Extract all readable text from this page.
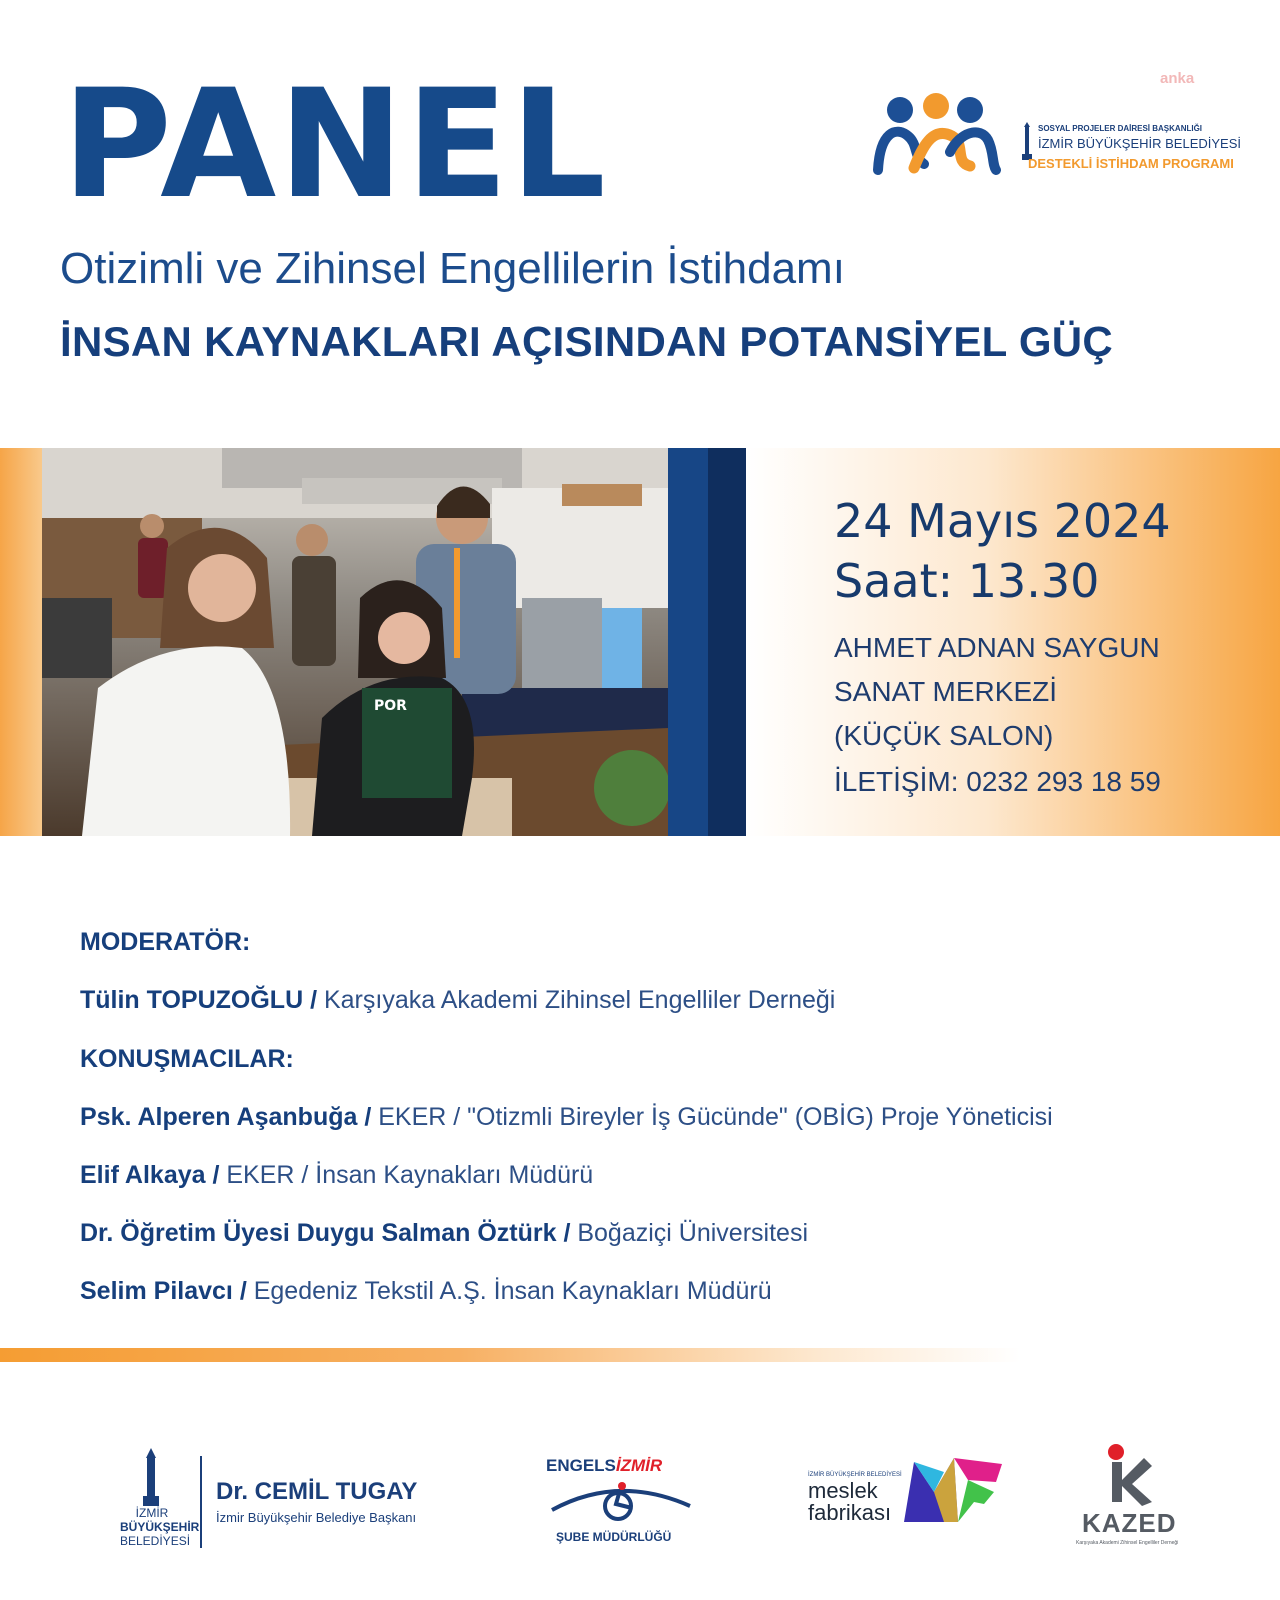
PANEL	anka
SOSYAL PROJELER DAİRESİ BAŞKANLIĞI
İZMİR BÜYÜKŞEHİR BELEDİYESİ
DESTEKLİ İSTİHDAM PROGRAMI
Otizimli ve Zihinsel Engellilerin İstihdamı
İNSAN KAYNAKLARI AÇISINDAN POTANSİYEL GÜÇ
POR
24 Mayıs 2024
Saat: 13.30
AHMET ADNAN SAYGUN
SANAT MERKEZİ
(KÜÇÜK SALON)
İLETİŞİM: 0232 293 18 59
MODERATÖR:
Tülin TOPUZOĞLU / Karşıyaka Akademi Zihinsel Engelliler Derneği
KONUŞMACILAR:
Psk. Alperen Aşanbuğa / EKER / "Otizmli Bireyler İş Gücünde" (OBİG) Proje Yöneticisi
Elif Alkaya / EKER / İnsan Kaynakları Müdürü
Dr. Öğretim Üyesi Duygu Salman Öztürk / Boğaziçi Üniversitesi
Selim Pilavcı / Egedeniz Tekstil A.Ş. İnsan Kaynakları Müdürü
İZMİR
BÜYÜKŞEHİR
BELEDİYESİ
Dr. CEMİL TUGAY
İzmir Büyükşehir Belediye Başkanı
ENGELSİZMİR
ŞUBE MÜDÜRLÜĞÜ
İZMİR BÜYÜKŞEHİR BELEDİYESİ
meslek
fabrikası	KAZED
Karşıyaka Akademi Zihinsel Engelliler Derneği
